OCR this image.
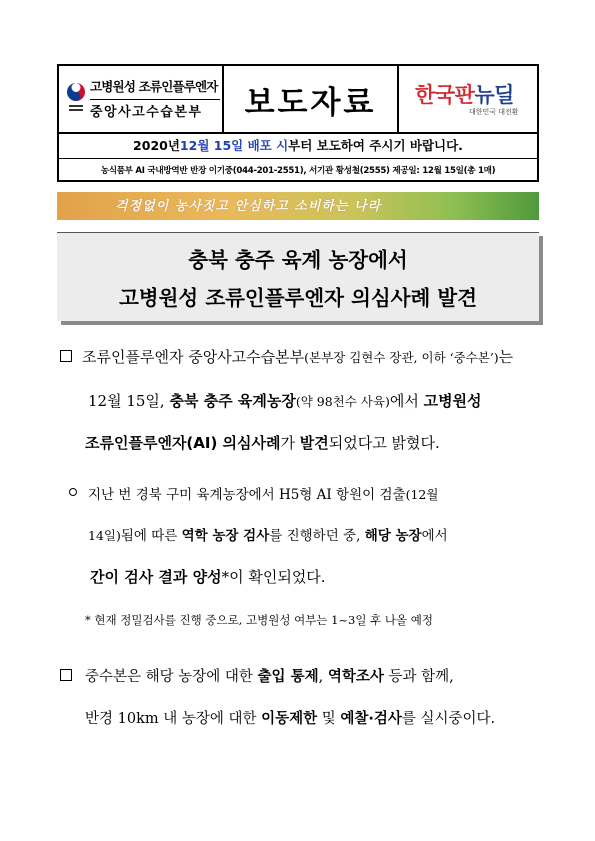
고병원성 조류인플루엔자
중앙사고수습본부	보도자료 한국판뉴딜
대한민국 대전환
2020년 12월 15일 배포 시 부터 보도하여 주시기 바랍니다.
농식품부 AI 국내방역반 반장 이기중(044-201-2551), 서기관 황성철(2555) 제공일: 12월 15일(총 1매)
걱정없이 농사짓고 안심하고 소비하는 나라
충북 충주 육계 농장에서
고병원성 조류인플루엔자 의심사례 발견
조류인플루엔자 중앙사고수습본부(본부장 김현수 장관, 이하 ‘중수본’)는
12월 15일, 충북 충주 육계농장(약 98천수 사육)에서 고병원성
조류인플루엔자(AI) 의심사례가 발견되었다고 밝혔다.
지난 번 경북 구미 육계농장에서 H5형 AI 항원이 검출(12월
14일)됨에 따른 역학 농장 검사를 진행하던 중, 해당 농장에서
간이 검사 결과 양성*이 확인되었다.
* 현재 정밀검사를 진행 중으로, 고병원성 여부는 1~3일 후 나올 예정
중수본은 해당 농장에 대한 출입 통제, 역학조사 등과 함께,
반경 10km 내 농장에 대한 이동제한 및 예찰·검사를 실시중이다.
